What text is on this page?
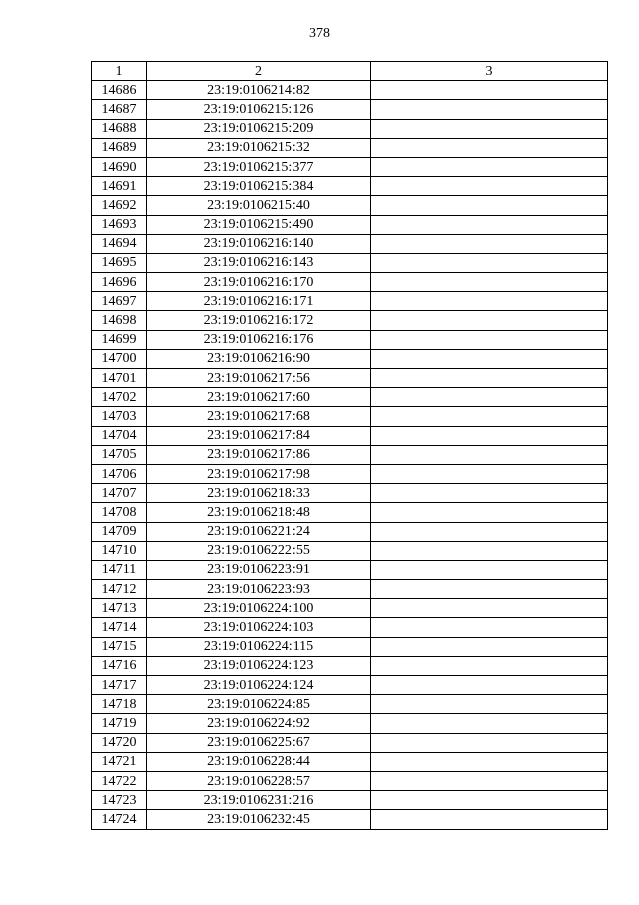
378
1	2	3
14686	23:19:0106214:82	
14687	23:19:0106215:126	
14688	23:19:0106215:209	
14689	23:19:0106215:32	
14690	23:19:0106215:377	
14691	23:19:0106215:384	
14692	23:19:0106215:40	
14693	23:19:0106215:490	
14694	23:19:0106216:140	
14695	23:19:0106216:143	
14696	23:19:0106216:170	
14697	23:19:0106216:171	
14698	23:19:0106216:172	
14699	23:19:0106216:176	
14700	23:19:0106216:90	
14701	23:19:0106217:56	
14702	23:19:0106217:60	
14703	23:19:0106217:68	
14704	23:19:0106217:84	
14705	23:19:0106217:86	
14706	23:19:0106217:98	
14707	23:19:0106218:33	
14708	23:19:0106218:48	
14709	23:19:0106221:24	
14710	23:19:0106222:55	
14711	23:19:0106223:91	
14712	23:19:0106223:93	
14713	23:19:0106224:100	
14714	23:19:0106224:103	
14715	23:19:0106224:115	
14716	23:19:0106224:123	
14717	23:19:0106224:124	
14718	23:19:0106224:85	
14719	23:19:0106224:92	
14720	23:19:0106225:67	
14721	23:19:0106228:44	
14722	23:19:0106228:57	
14723	23:19:0106231:216	
14724	23:19:0106232:45	
